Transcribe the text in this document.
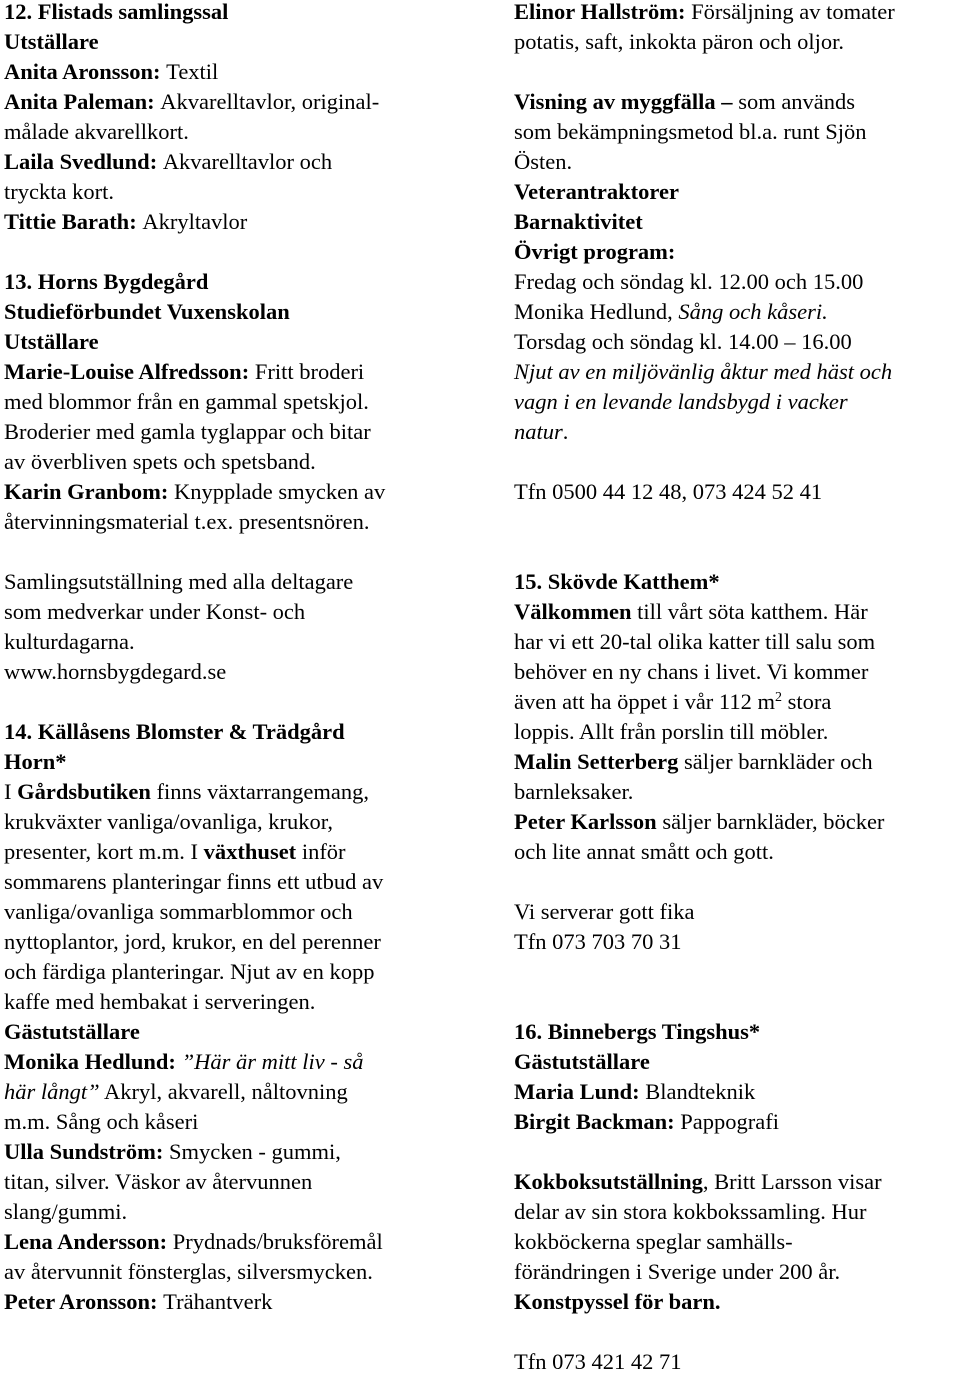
12. Flistads samlingssal
Utställare
Anita Aronsson: Textil
Anita Paleman: Akvarelltavlor, original-
målade akvarellkort.
Laila Svedlund: Akvarelltavlor och
tryckta kort.
Tittie Barath: Akryltavlor
13. Horns Bygdegård
Studieförbundet Vuxenskolan
Utställare
Marie-Louise Alfredsson: Fritt broderi
med blommor från en gammal spetskjol.
Broderier med gamla tyglappar och bitar
av överbliven spets och spetsband.
Karin Granbom: Knypplade smycken av
återvinningsmaterial t.ex. presentsnören.
Samlingsutställning med alla deltagare
som medverkar under Konst- och
kulturdagarna.
www.hornsbygdegard.se
14. Källåsens Blomster & Trädgård
Horn*
I Gårdsbutiken finns växtarrangemang,
krukväxter vanliga/ovanliga, krukor,
presenter, kort m.m. I växthuset inför
sommarens planteringar finns ett utbud av
vanliga/ovanliga sommarblommor och
nyttoplantor, jord, krukor, en del perenner
och färdiga planteringar. Njut av en kopp
kaffe med hembakat i serveringen.
Gästutställare
Monika Hedlund: ”Här är mitt liv - så
här långt” Akryl, akvarell, nåltovning
m.m. Sång och kåseri
Ulla Sundström: Smycken - gummi,
titan, silver. Väskor av återvunnen
slang/gummi.
Lena Andersson: Prydnads/bruksföremål
av återvunnit fönsterglas, silversmycken.
Peter Aronsson: Trähantverk
Elinor Hallström: Försäljning av tomater
potatis, saft, inkokta päron och oljor.
Visning av myggfälla – som används
som bekämpningsmetod bl.a. runt Sjön
Östen.
Veterantraktorer
Barnaktivitet
Övrigt program:
Fredag och söndag kl. 12.00 och 15.00
Monika Hedlund, Sång och kåseri.
Torsdag och söndag kl. 14.00 – 16.00
Njut av en miljövänlig åktur med häst och
vagn i en levande landsbygd i vacker
natur.
Tfn 0500 44 12 48, 073 424 52 41
15. Skövde Katthem*
Välkommen till vårt söta katthem. Här
har vi ett 20-tal olika katter till salu som
behöver en ny chans i livet. Vi kommer
även att ha öppet i vår 112 $m^2$ stora
loppis. Allt från porslin till möbler.
Malin Setterberg säljer barnkläder och
barnleksaker.
Peter Karlsson säljer barnkläder, böcker
och lite annat smått och gott.
Vi serverar gott fika
Tfn 073 703 70 31
16. Binnebergs Tingshus*
Gästutställare
Maria Lund: Blandteknik
Birgit Backman: Pappografi
Kokboksutställning, Britt Larsson visar
delar av sin stora kokbokssamling. Hur
kokböckerna speglar samhälls-
förändringen i Sverige under 200 år.
Konstpyssel för barn.
Tfn 073 421 42 71
